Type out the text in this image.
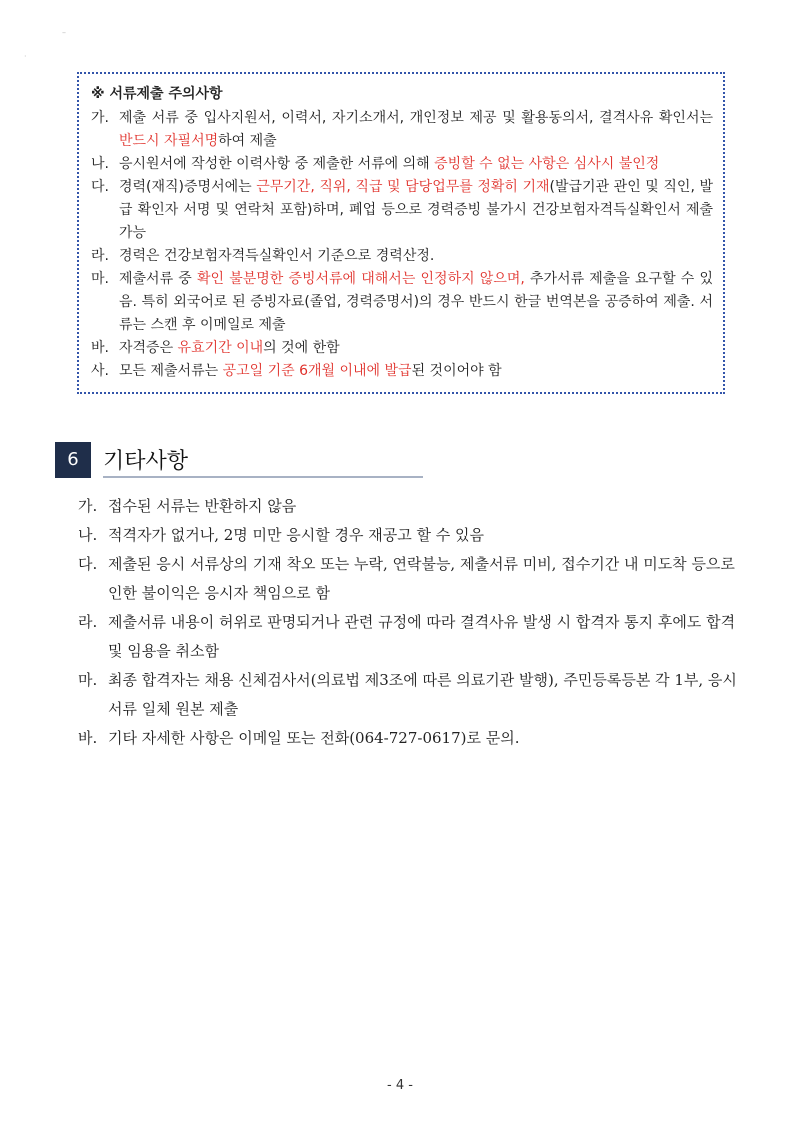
–
·
※ 서류제출 주의사항
가. 제출 서류 중 입사지원서, 이력서, 자기소개서, 개인정보 제공 및 활용동의서, 결격사유 확인서는 반드시 자필서명하여 제출
나. 응시원서에 작성한 이력사항 중 제출한 서류에 의해 증빙할 수 없는 사항은 심사시 불인정
다. 경력(재직)증명서에는 근무기간, 직위, 직급 및 담당업무를 정확히 기재(발급기관 관인 및 직인, 발급 확인자 서명 및 연락처 포함)하며, 폐업 등으로 경력증빙 불가시 건강보험자격득실확인서 제출 가능
라. 경력은 건강보험자격득실확인서 기준으로 경력산정.
마. 제출서류 중 확인 불분명한 증빙서류에 대해서는 인정하지 않으며, 추가서류 제출을 요구할 수 있음. 특히 외국어로 된 증빙자료(졸업, 경력증명서)의 경우 반드시 한글 번역본을 공증하여 제출. 서류는 스캔 후 이메일로 제출
바. 자격증은 유효기간 이내의 것에 한함
사. 모든 제출서류는 공고일 기준 6개월 이내에 발급된 것이어야 함
6	기타사항
가. 접수된 서류는 반환하지 않음
나. 적격자가 없거나, 2명 미만 응시할 경우 재공고 할 수 있음
다. 제출된 응시 서류상의 기재 착오 또는 누락, 연락불능, 제출서류 미비, 접수기간 내 미도착 등으로 인한 불이익은 응시자 책임으로 함
라. 제출서류 내용이 허위로 판명되거나 관련 규정에 따라 결격사유 발생 시 합격자 통지 후에도 합격 및 임용을 취소함
마. 최종 합격자는 채용 신체검사서(의료법 제3조에 따른 의료기관 발행), 주민등록등본 각 1부, 응시서류 일체 원본 제출
바. 기타 자세한 사항은 이메일 또는 전화(064-727-0617)로 문의.
- 4 -
